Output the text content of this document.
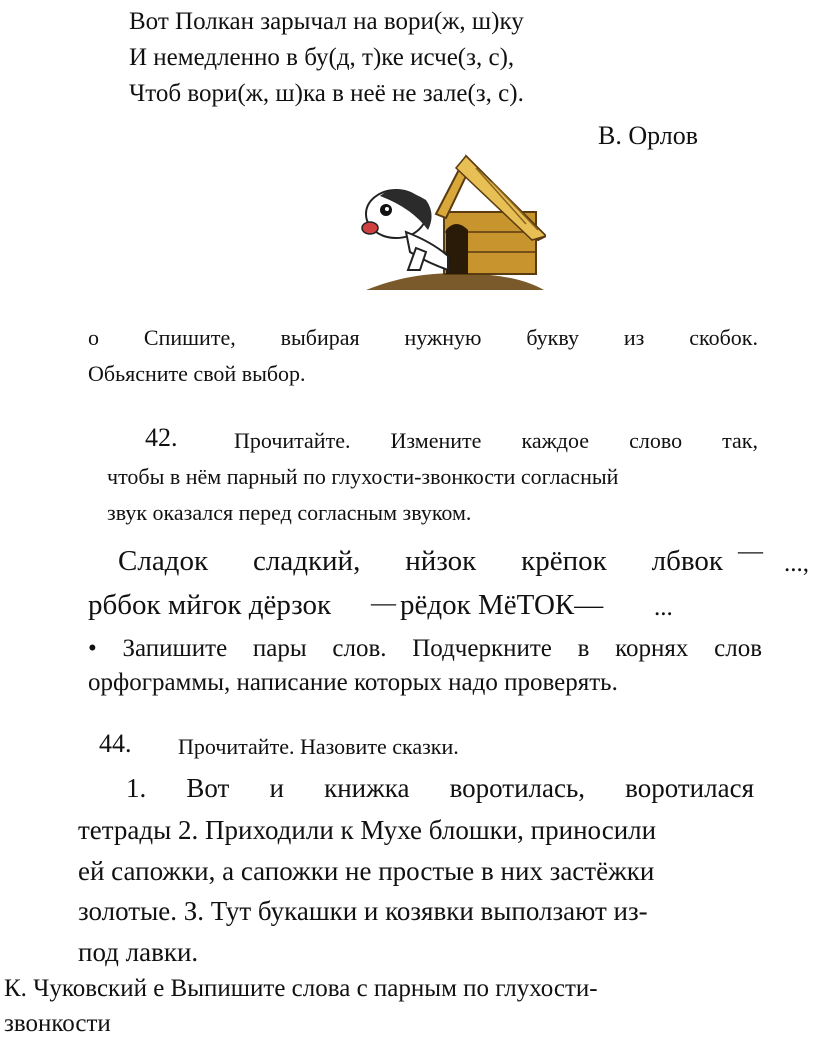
Вот Полкан зарычал на вори(ж, ш)ку
И немедленно в бу(д, т)ке исче(з, с),
Чтоб вори(ж, ш)ка в неё не зале(з, с).
В. Орлов
о Спишите, выбирая нужную букву из скобок.
Обьясните свой выбор.
42.	Прочитайте. Измените каждое слово так,
чтобы в нём парный по глухости-звонкости согласный
звук оказался перед согласным звуком.
Сладок сладкий, нйзок крёпок лбвок — ...,
рббок мйгок дёрзок — рёдок МёТОК— ...
• Запишите пары слов. Подчеркните в корнях слов
орфограммы, написание которых надо проверять.
44. Прочитайте. Назовите сказки.
1. Вот и книжка воротилась, воротилася
тетрады 2. Приходили к Мухе блошки, приносили
ей сапожки, а сапожки не простые в них застёжки
золотые. З. Тут букашки и козявки выползают из-
под лавки.
К. Чуковский е Выпишите слова с парным по глухости-
звонкости
